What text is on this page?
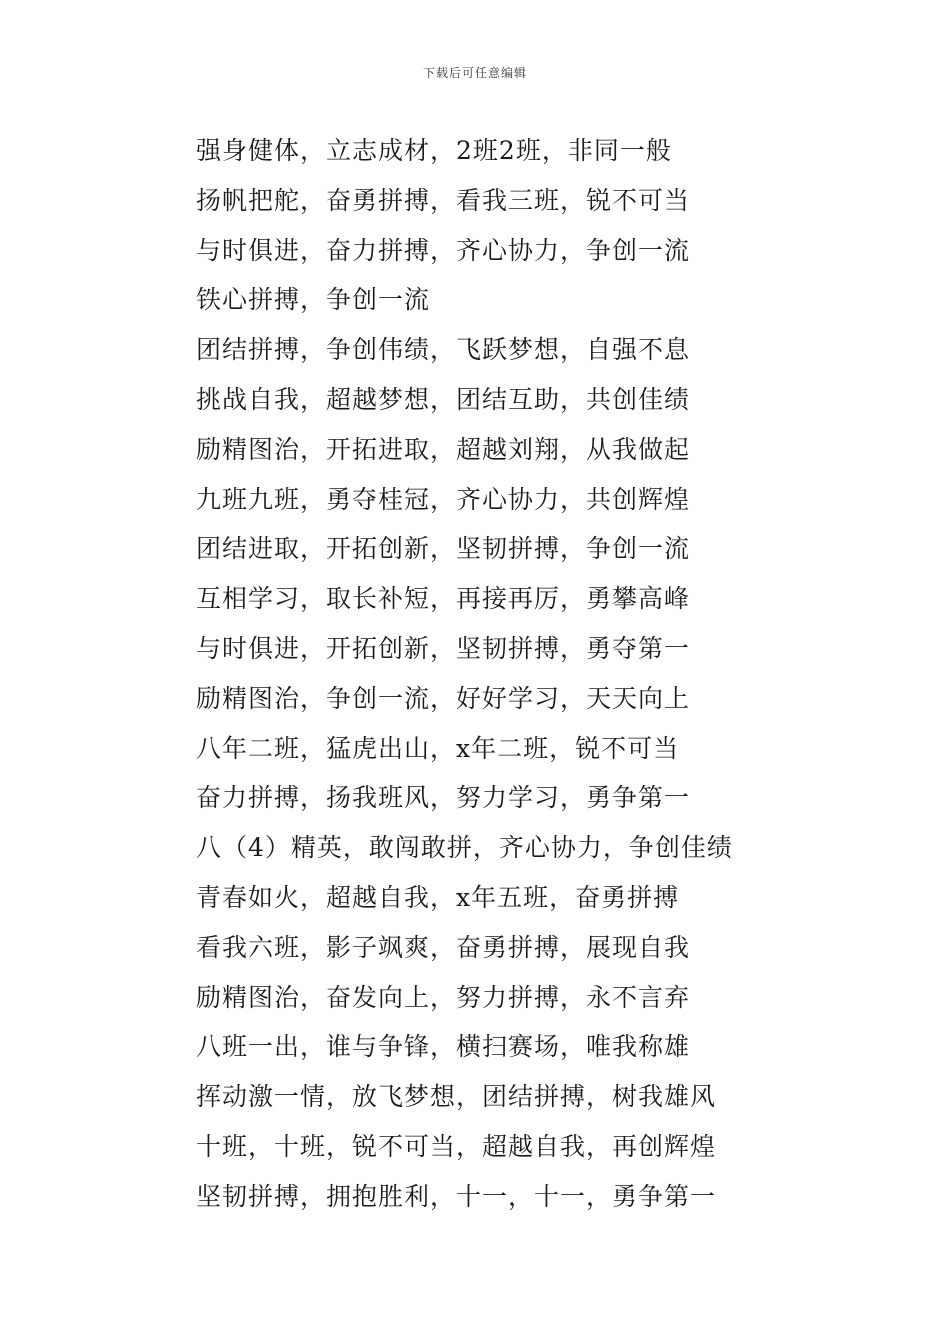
下载后可任意编辑
强身健体，立志成材，2班2班，非同一般
扬帆把舵，奋勇拼搏，看我三班，锐不可当
与时俱进，奋力拼搏，齐心协力，争创一流
铁心拼搏，争创一流
团结拼搏，争创伟绩，飞跃梦想，自强不息
挑战自我，超越梦想，团结互助，共创佳绩
励精图治，开拓进取，超越刘翔，从我做起
九班九班，勇夺桂冠，齐心协力，共创辉煌
团结进取，开拓创新，坚韧拼搏，争创一流
互相学习，取长补短，再接再厉，勇攀高峰
与时俱进，开拓创新，坚韧拼搏，勇夺第一
励精图治，争创一流，好好学习，天天向上
八年二班，猛虎出山，x年二班，锐不可当
奋力拼搏，扬我班风，努力学习，勇争第一
八（4）精英，敢闯敢拼，齐心协力，争创佳绩
青春如火，超越自我，x年五班，奋勇拼搏
看我六班，影子飒爽，奋勇拼搏，展现自我
励精图治，奋发向上，努力拼搏，永不言弃
八班一出，谁与争锋，横扫赛场，唯我称雄
挥动激一情，放飞梦想，团结拼搏，树我雄风
十班，十班，锐不可当，超越自我，再创辉煌
坚韧拼搏，拥抱胜利，十一，十一，勇争第一
